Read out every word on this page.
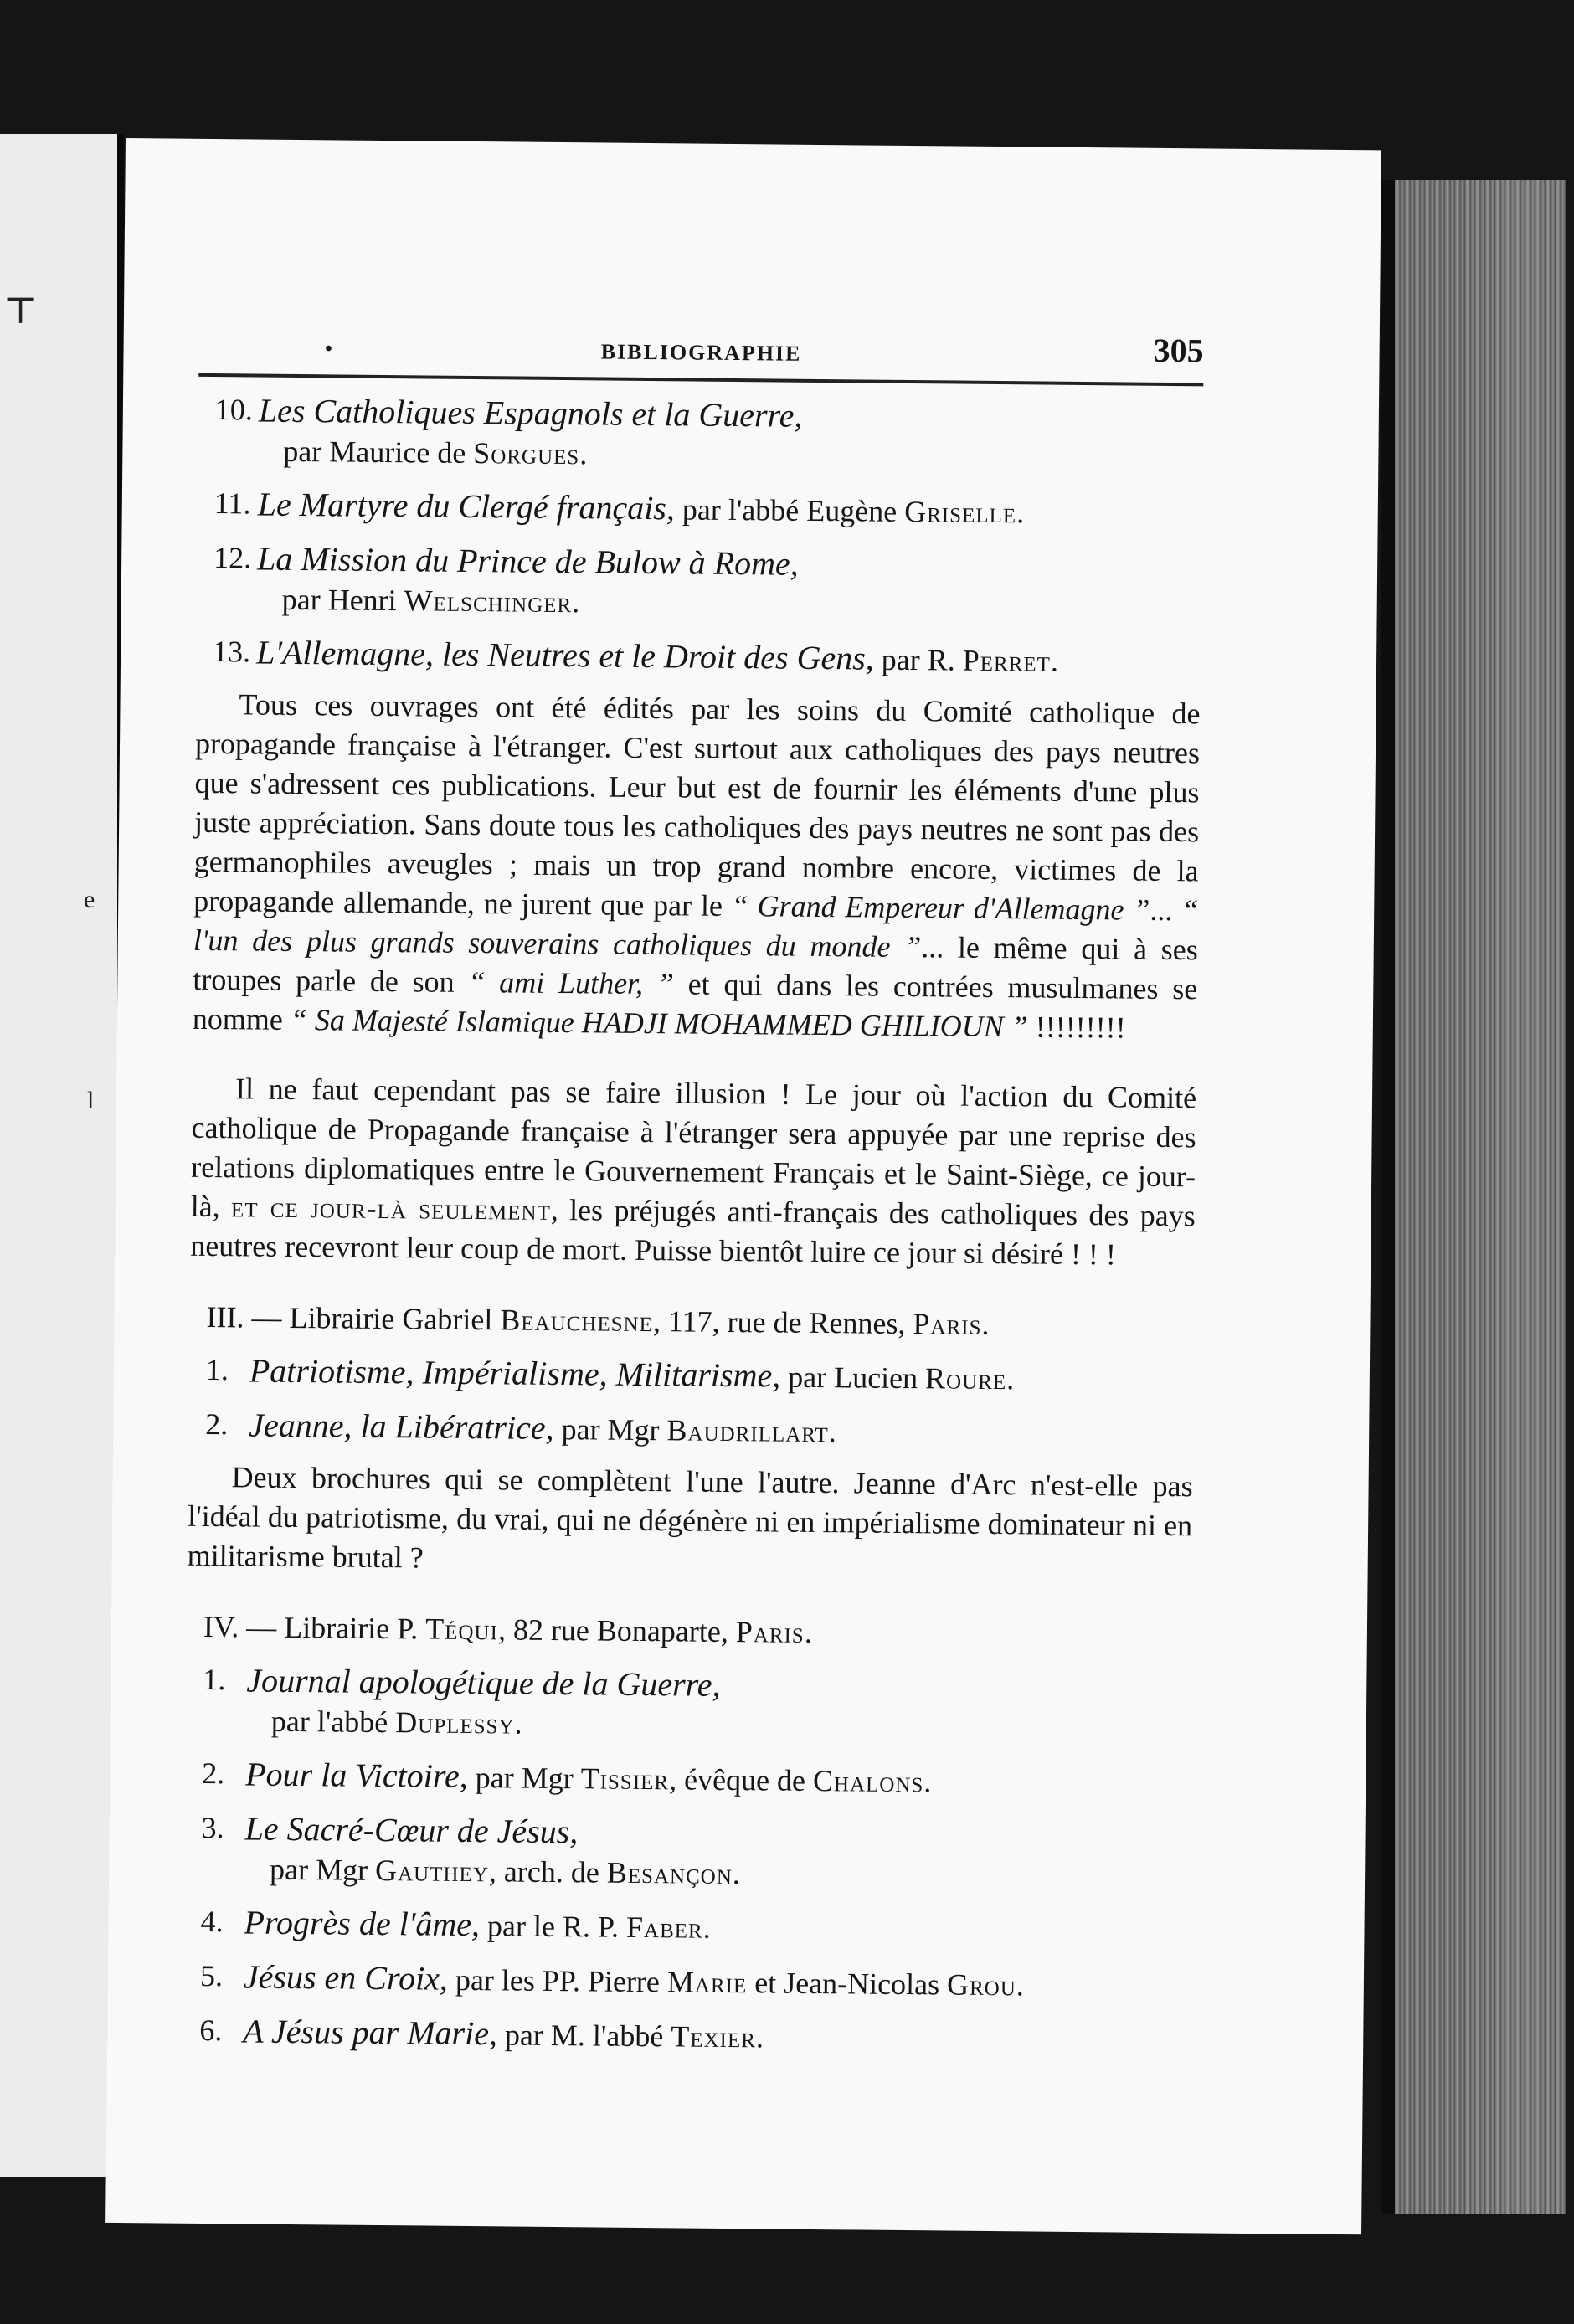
⊤
e
l
•	BIBLIOGRAPHIE	305
10. Les Catholiques Espagnols et la Guerre,
par Maurice de Sorgues.
11. Le Martyre du Clergé français, par l'abbé Eugène Griselle.
12. La Mission du Prince de Bulow à Rome,
par Henri Welschinger.
13. L'Allemagne, les Neutres et le Droit des Gens, par R. Perret.

Tous ces ouvrages ont été édités par les soins du Comité catholique de propagande française à l'étranger. C'est surtout aux catholiques des pays neutres que s'adressent ces publications. Leur but est de fournir les éléments d'une plus juste appréciation. Sans doute tous les catholiques des pays neutres ne sont pas des germanophiles aveugles ; mais un trop grand nombre encore, victimes de la propagande allemande, ne jurent que par le “ Grand Empereur d'Allemagne ”... “ l'un des plus grands souverains catholiques du monde ”... le même qui à ses troupes parle de son “ ami Luther, ” et qui dans les contrées musulmanes se nomme “ Sa Majesté Islamique HADJI MOHAMMED GHILIOUN ” !!!!!!!!!

Il ne faut cependant pas se faire illusion ! Le jour où l'action du Comité catholique de Propagande française à l'étranger sera appuyée par une reprise des relations diplomatiques entre le Gouvernement Français et le Saint-Siège, ce jour-là, et ce jour-là seulement, les préjugés anti-français des catholiques des pays neutres recevront leur coup de mort. Puisse bientôt luire ce jour si désiré ! ! !

III. — Librairie Gabriel Beauchesne, 117, rue de Rennes, Paris.
1. Patriotisme, Impérialisme, Militarisme, par Lucien Roure.
2. Jeanne, la Libératrice, par Mgr Baudrillart.

Deux brochures qui se complètent l'une l'autre. Jeanne d'Arc n'est-elle pas l'idéal du patriotisme, du vrai, qui ne dégénère ni en impérialisme dominateur ni en militarisme brutal ?

IV. — Librairie P. Téqui, 82 rue Bonaparte, Paris.
1. Journal apologétique de la Guerre,
par l'abbé Duplessy.
2. Pour la Victoire, par Mgr Tissier, évêque de Chalons.
3. Le Sacré-Cœur de Jésus,
par Mgr Gauthey, arch. de Besançon.
4. Progrès de l'âme, par le R. P. Faber.
5. Jésus en Croix, par les PP. Pierre Marie et Jean-Nicolas Grou.
6. A Jésus par Marie, par M. l'abbé Texier.
